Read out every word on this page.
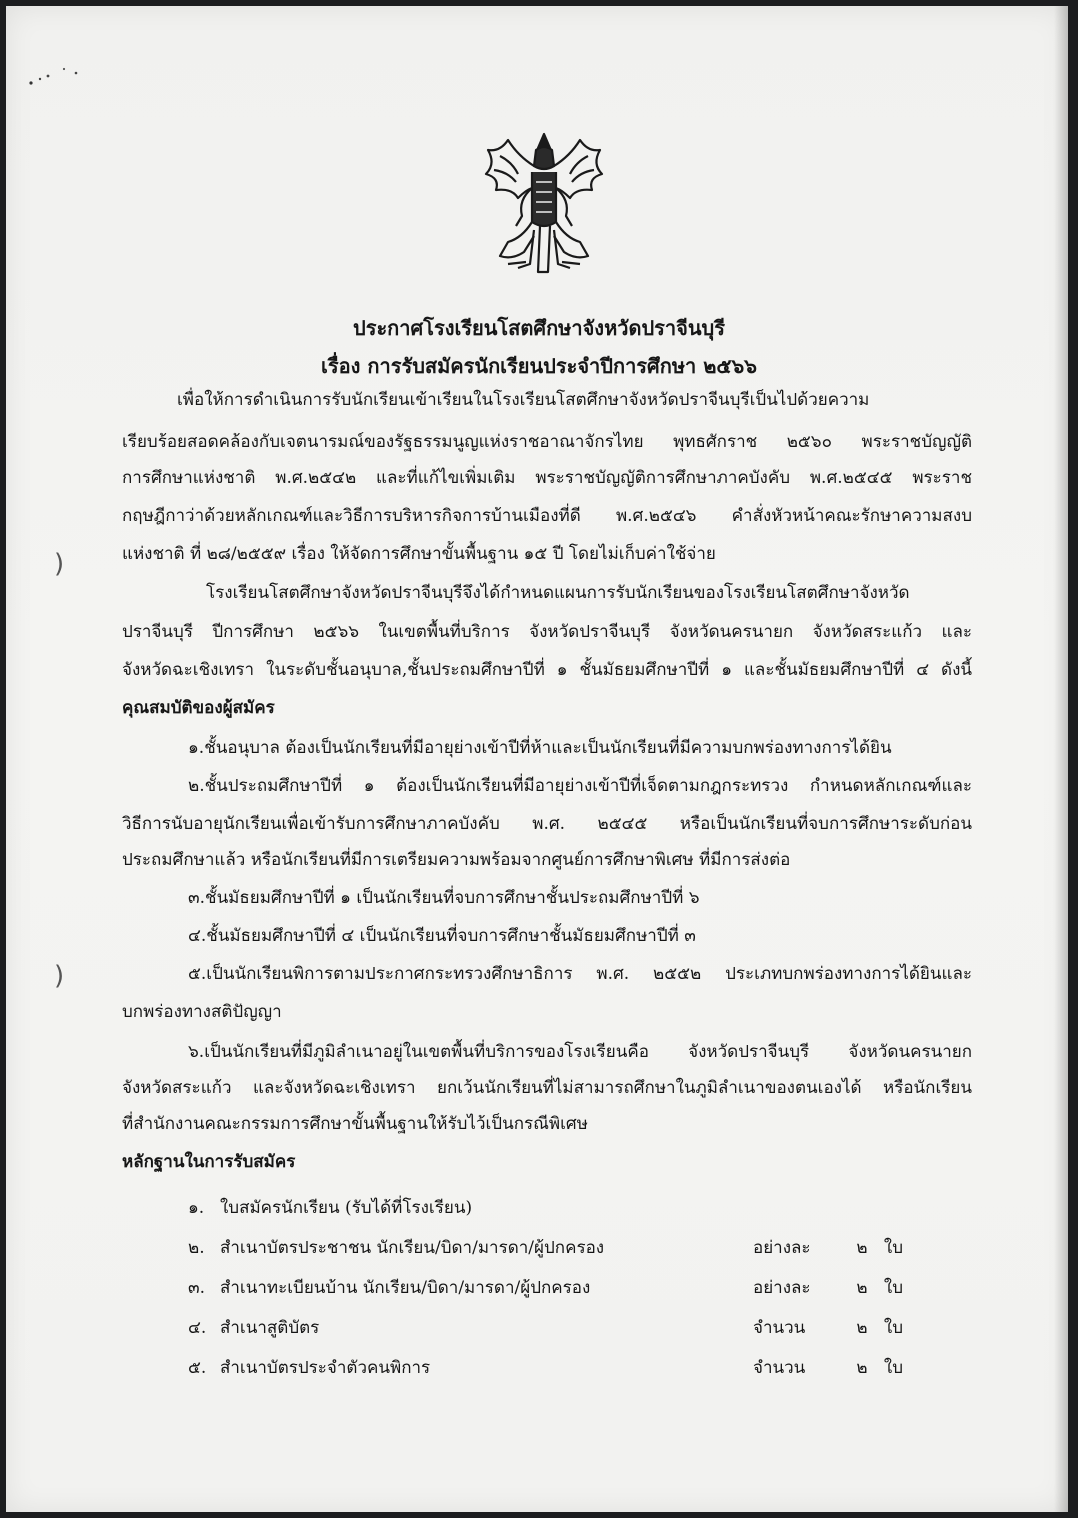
)
)
ประกาศโรงเรียนโสตศึกษาจังหวัดปราจีนบุรี
เรื่อง การรับสมัครนักเรียนประจำปีการศึกษา ๒๕๖๖
เพื่อให้การดำเนินการรับนักเรียนเข้าเรียนในโรงเรียนโสตศึกษาจังหวัดปราจีนบุรีเป็นไปด้วยความ
เรียบร้อยสอดคล้องกับเจตนารมณ์ของรัฐธรรมนูญแห่งราชอาณาจักรไทย พุทธศักราช ๒๕๖๐ พระราชบัญญัติ
การศึกษาแห่งชาติ พ.ศ.๒๕๔๒ และที่แก้ไขเพิ่มเติม พระราชบัญญัติการศึกษาภาคบังคับ พ.ศ.๒๕๔๕ พระราช
กฤษฎีกาว่าด้วยหลักเกณฑ์และวิธีการบริหารกิจการบ้านเมืองที่ดี พ.ศ.๒๕๔๖ คำสั่งหัวหน้าคณะรักษาความสงบ
แห่งชาติ ที่ ๒๘/๒๕๕๙ เรื่อง ให้จัดการศึกษาขั้นพื้นฐาน ๑๕ ปี โดยไม่เก็บค่าใช้จ่าย
โรงเรียนโสตศึกษาจังหวัดปราจีนบุรีจึงได้กำหนดแผนการรับนักเรียนของโรงเรียนโสตศึกษาจังหวัด
ปราจีนบุรี ปีการศึกษา ๒๕๖๖ ในเขตพื้นที่บริการ จังหวัดปราจีนบุรี จังหวัดนครนายก จังหวัดสระแก้ว และ
จังหวัดฉะเชิงเทรา ในระดับชั้นอนุบาล,ชั้นประถมศึกษาปีที่ ๑ ชั้นมัธยมศึกษาปีที่ ๑ และชั้นมัธยมศึกษาปีที่ ๔ ดังนี้
คุณสมบัติของผู้สมัคร
๑.ชั้นอนุบาล ต้องเป็นนักเรียนที่มีอายุย่างเข้าปีที่ห้าและเป็นนักเรียนที่มีความบกพร่องทางการได้ยิน
๒.ชั้นประถมศึกษาปีที่ ๑ ต้องเป็นนักเรียนที่มีอายุย่างเข้าปีที่เจ็ดตามกฎกระทรวง กำหนดหลักเกณฑ์และ
วิธีการนับอายุนักเรียนเพื่อเข้ารับการศึกษาภาคบังคับ พ.ศ. ๒๕๔๕ หรือเป็นนักเรียนที่จบการศึกษาระดับก่อน
ประถมศึกษาแล้ว หรือนักเรียนที่มีการเตรียมความพร้อมจากศูนย์การศึกษาพิเศษ ที่มีการส่งต่อ
๓.ชั้นมัธยมศึกษาปีที่ ๑ เป็นนักเรียนที่จบการศึกษาชั้นประถมศึกษาปีที่ ๖
๔.ชั้นมัธยมศึกษาปีที่ ๔ เป็นนักเรียนที่จบการศึกษาชั้นมัธยมศึกษาปีที่ ๓
๕.เป็นนักเรียนพิการตามประกาศกระทรวงศึกษาธิการ พ.ศ. ๒๕๕๒ ประเภทบกพร่องทางการได้ยินและ
บกพร่องทางสติปัญญา
๖.เป็นนักเรียนที่มีภูมิลำเนาอยู่ในเขตพื้นที่บริการของโรงเรียนคือ จังหวัดปราจีนบุรี จังหวัดนครนายก
จังหวัดสระแก้ว และจังหวัดฉะเชิงเทรา ยกเว้นนักเรียนที่ไม่สามารถศึกษาในภูมิลำเนาของตนเองได้ หรือนักเรียน
ที่สำนักงานคณะกรรมการศึกษาขั้นพื้นฐานให้รับไว้เป็นกรณีพิเศษ
หลักฐานในการรับสมัคร
๑. ใบสมัครนักเรียน (รับได้ที่โรงเรียน)
๒. สำเนาบัตรประชาชน นักเรียน/บิดา/มารดา/ผู้ปกครอง	อย่างละ	๒ ใบ
๓. สำเนาทะเบียนบ้าน นักเรียน/บิดา/มารดา/ผู้ปกครอง	อย่างละ	๒ ใบ
๔. สำเนาสูติบัตร	จำนวน	๒ ใบ
๕. สำเนาบัตรประจำตัวคนพิการ	จำนวน	๒ ใบ
